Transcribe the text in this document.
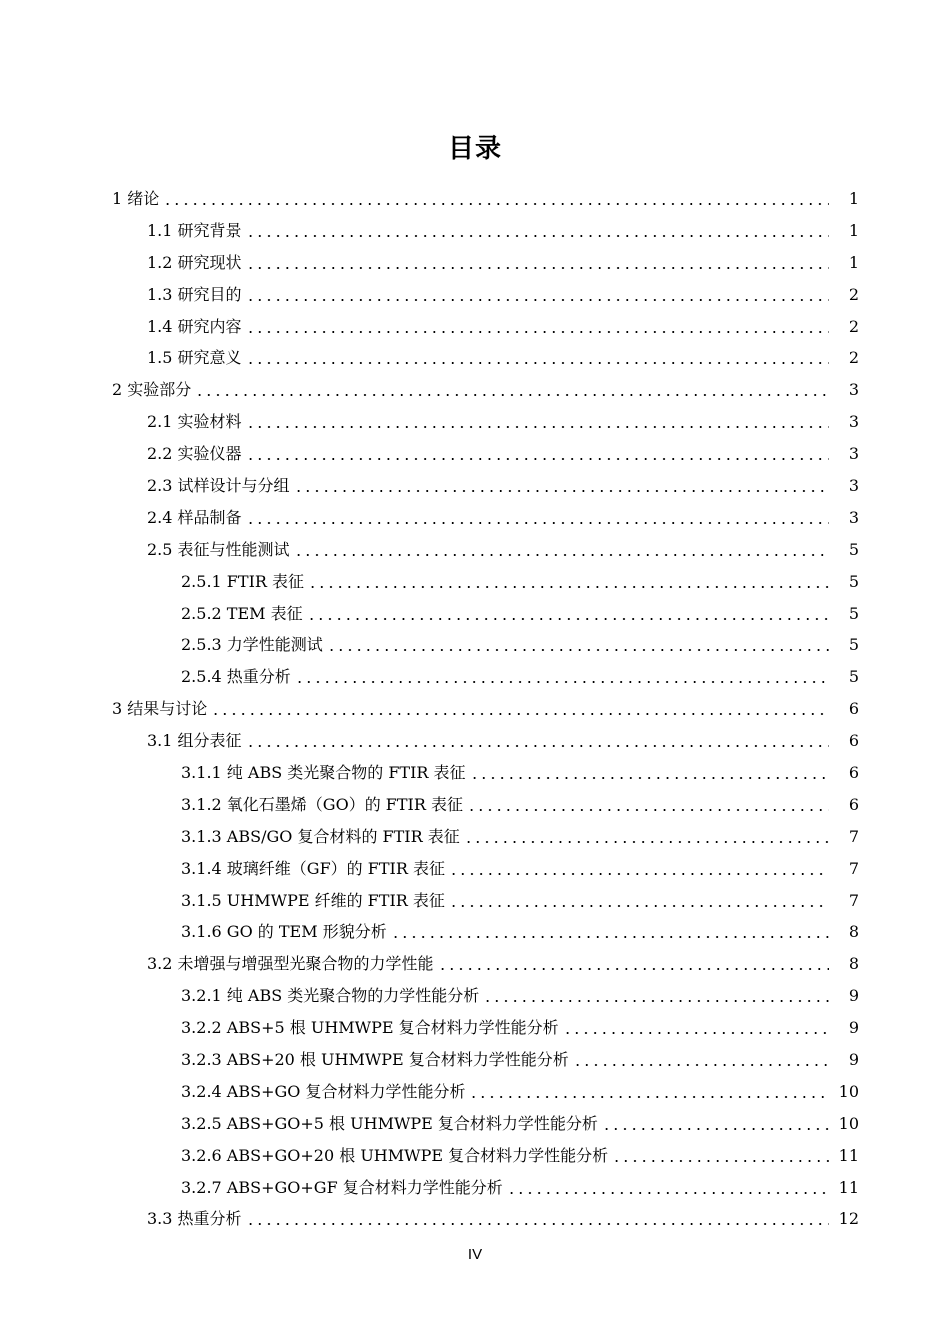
目录
1 绪论	1
1.1 研究背景	1
1.2 研究现状	1
1.3 研究目的	2
1.4 研究内容	2
1.5 研究意义	2
2 实验部分	3
2.1 实验材料	3
2.2 实验仪器	3
2.3 试样设计与分组	3
2.4 样品制备	3
2.5 表征与性能测试	5
2.5.1 FTIR 表征	5
2.5.2 TEM 表征	5
2.5.3 力学性能测试	5
2.5.4 热重分析	5
3 结果与讨论	6
3.1 组分表征	6
3.1.1 纯 ABS 类光聚合物的 FTIR 表征	6
3.1.2 氧化石墨烯（GO）的 FTIR 表征	6
3.1.3 ABS/GO 复合材料的 FTIR 表征	7
3.1.4 玻璃纤维（GF）的 FTIR 表征	7
3.1.5 UHMWPE 纤维的 FTIR 表征	7
3.1.6 GO 的 TEM 形貌分析	8
3.2 未增强与增强型光聚合物的力学性能	8
3.2.1 纯 ABS 类光聚合物的力学性能分析	9
3.2.2 ABS+5 根 UHMWPE 复合材料力学性能分析	9
3.2.3 ABS+20 根 UHMWPE 复合材料力学性能分析	9
3.2.4 ABS+GO 复合材料力学性能分析	10
3.2.5 ABS+GO+5 根 UHMWPE 复合材料力学性能分析	10
3.2.6 ABS+GO+20 根 UHMWPE 复合材料力学性能分析	11
3.2.7 ABS+GO+GF 复合材料力学性能分析	11
3.3 热重分析	12
IV
